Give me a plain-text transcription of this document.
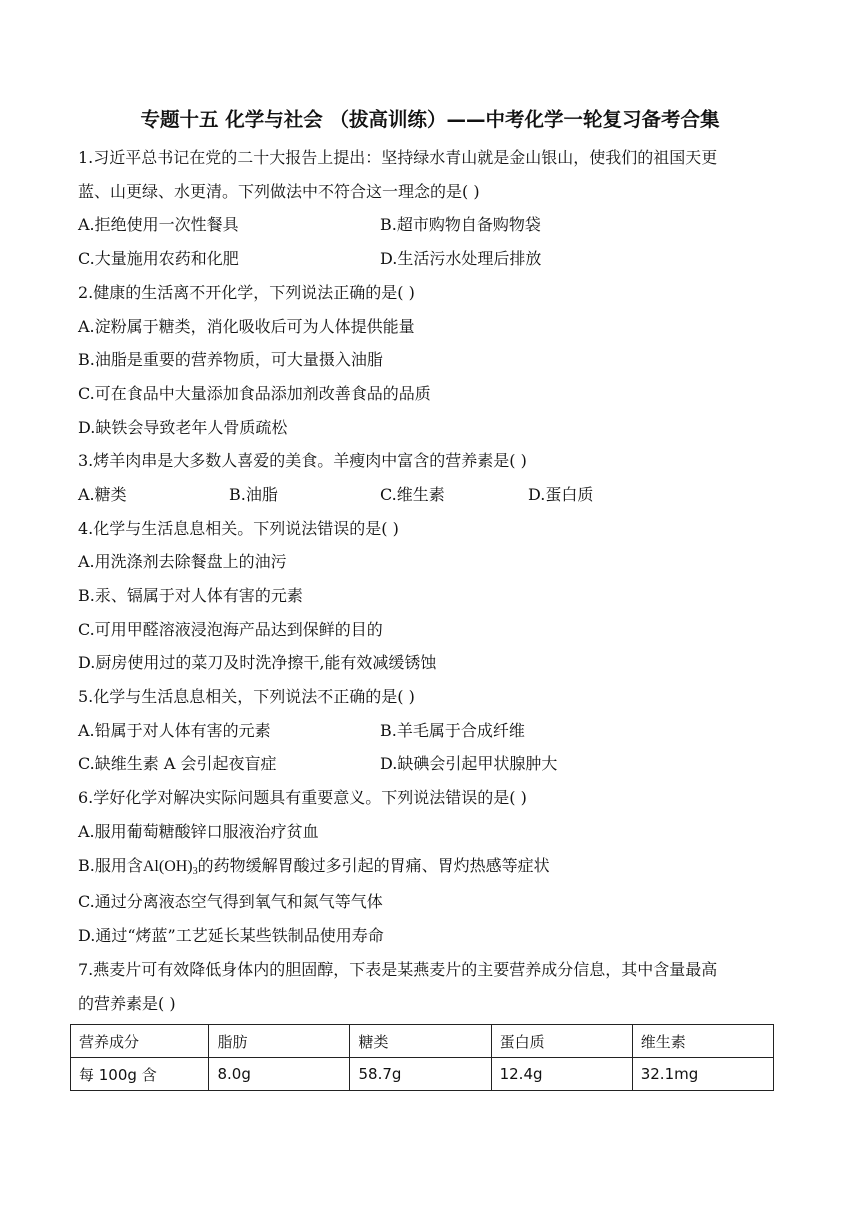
专题十五 化学与社会 （拔高训练）——中考化学一轮复习备考合集
1.习近平总书记在党的二十大报告上提出：坚持绿水青山就是金山银山，使我们的祖国天更
蓝、山更绿、水更清。下列做法中不符合这一理念的是( )
A.拒绝使用一次性餐具	B.超市购物自备购物袋
C.大量施用农药和化肥	D.生活污水处理后排放
2.健康的生活离不开化学，下列说法正确的是( )
A.淀粉属于糖类，消化吸收后可为人体提供能量
B.油脂是重要的营养物质，可大量摄入油脂
C.可在食品中大量添加食品添加剂改善食品的品质
D.缺铁会导致老年人骨质疏松
3.烤羊肉串是大多数人喜爱的美食。羊瘦肉中富含的营养素是( )
A.糖类	B.油脂	C.维生素	D.蛋白质
4.化学与生活息息相关。下列说法错误的是( )
A.用洗涤剂去除餐盘上的油污
B.汞、镉属于对人体有害的元素
C.可用甲醛溶液浸泡海产品达到保鲜的目的
D.厨房使用过的菜刀及时洗净擦干,能有效减缓锈蚀
5.化学与生活息息相关，下列说法不正确的是( )
A.铅属于对人体有害的元素	B.羊毛属于合成纤维
C.缺维生素 A 会引起夜盲症	D.缺碘会引起甲状腺肿大
6.学好化学对解决实际问题具有重要意义。下列说法错误的是( )
A.服用葡萄糖酸锌口服液治疗贫血
B.服用含$Al(OH)_3$的药物缓解胃酸过多引起的胃痛、胃灼热感等症状
C.通过分离液态空气得到氧气和氮气等气体
D.通过“烤蓝”工艺延长某些铁制品使用寿命
7.燕麦片可有效降低身体内的胆固醇，下表是某燕麦片的主要营养成分信息，其中含量最高
的营养素是( )
营养成分	脂肪	糖类	蛋白质	维生素
每 100g 含	8.0g	58.7g	12.4g	32.1mg
